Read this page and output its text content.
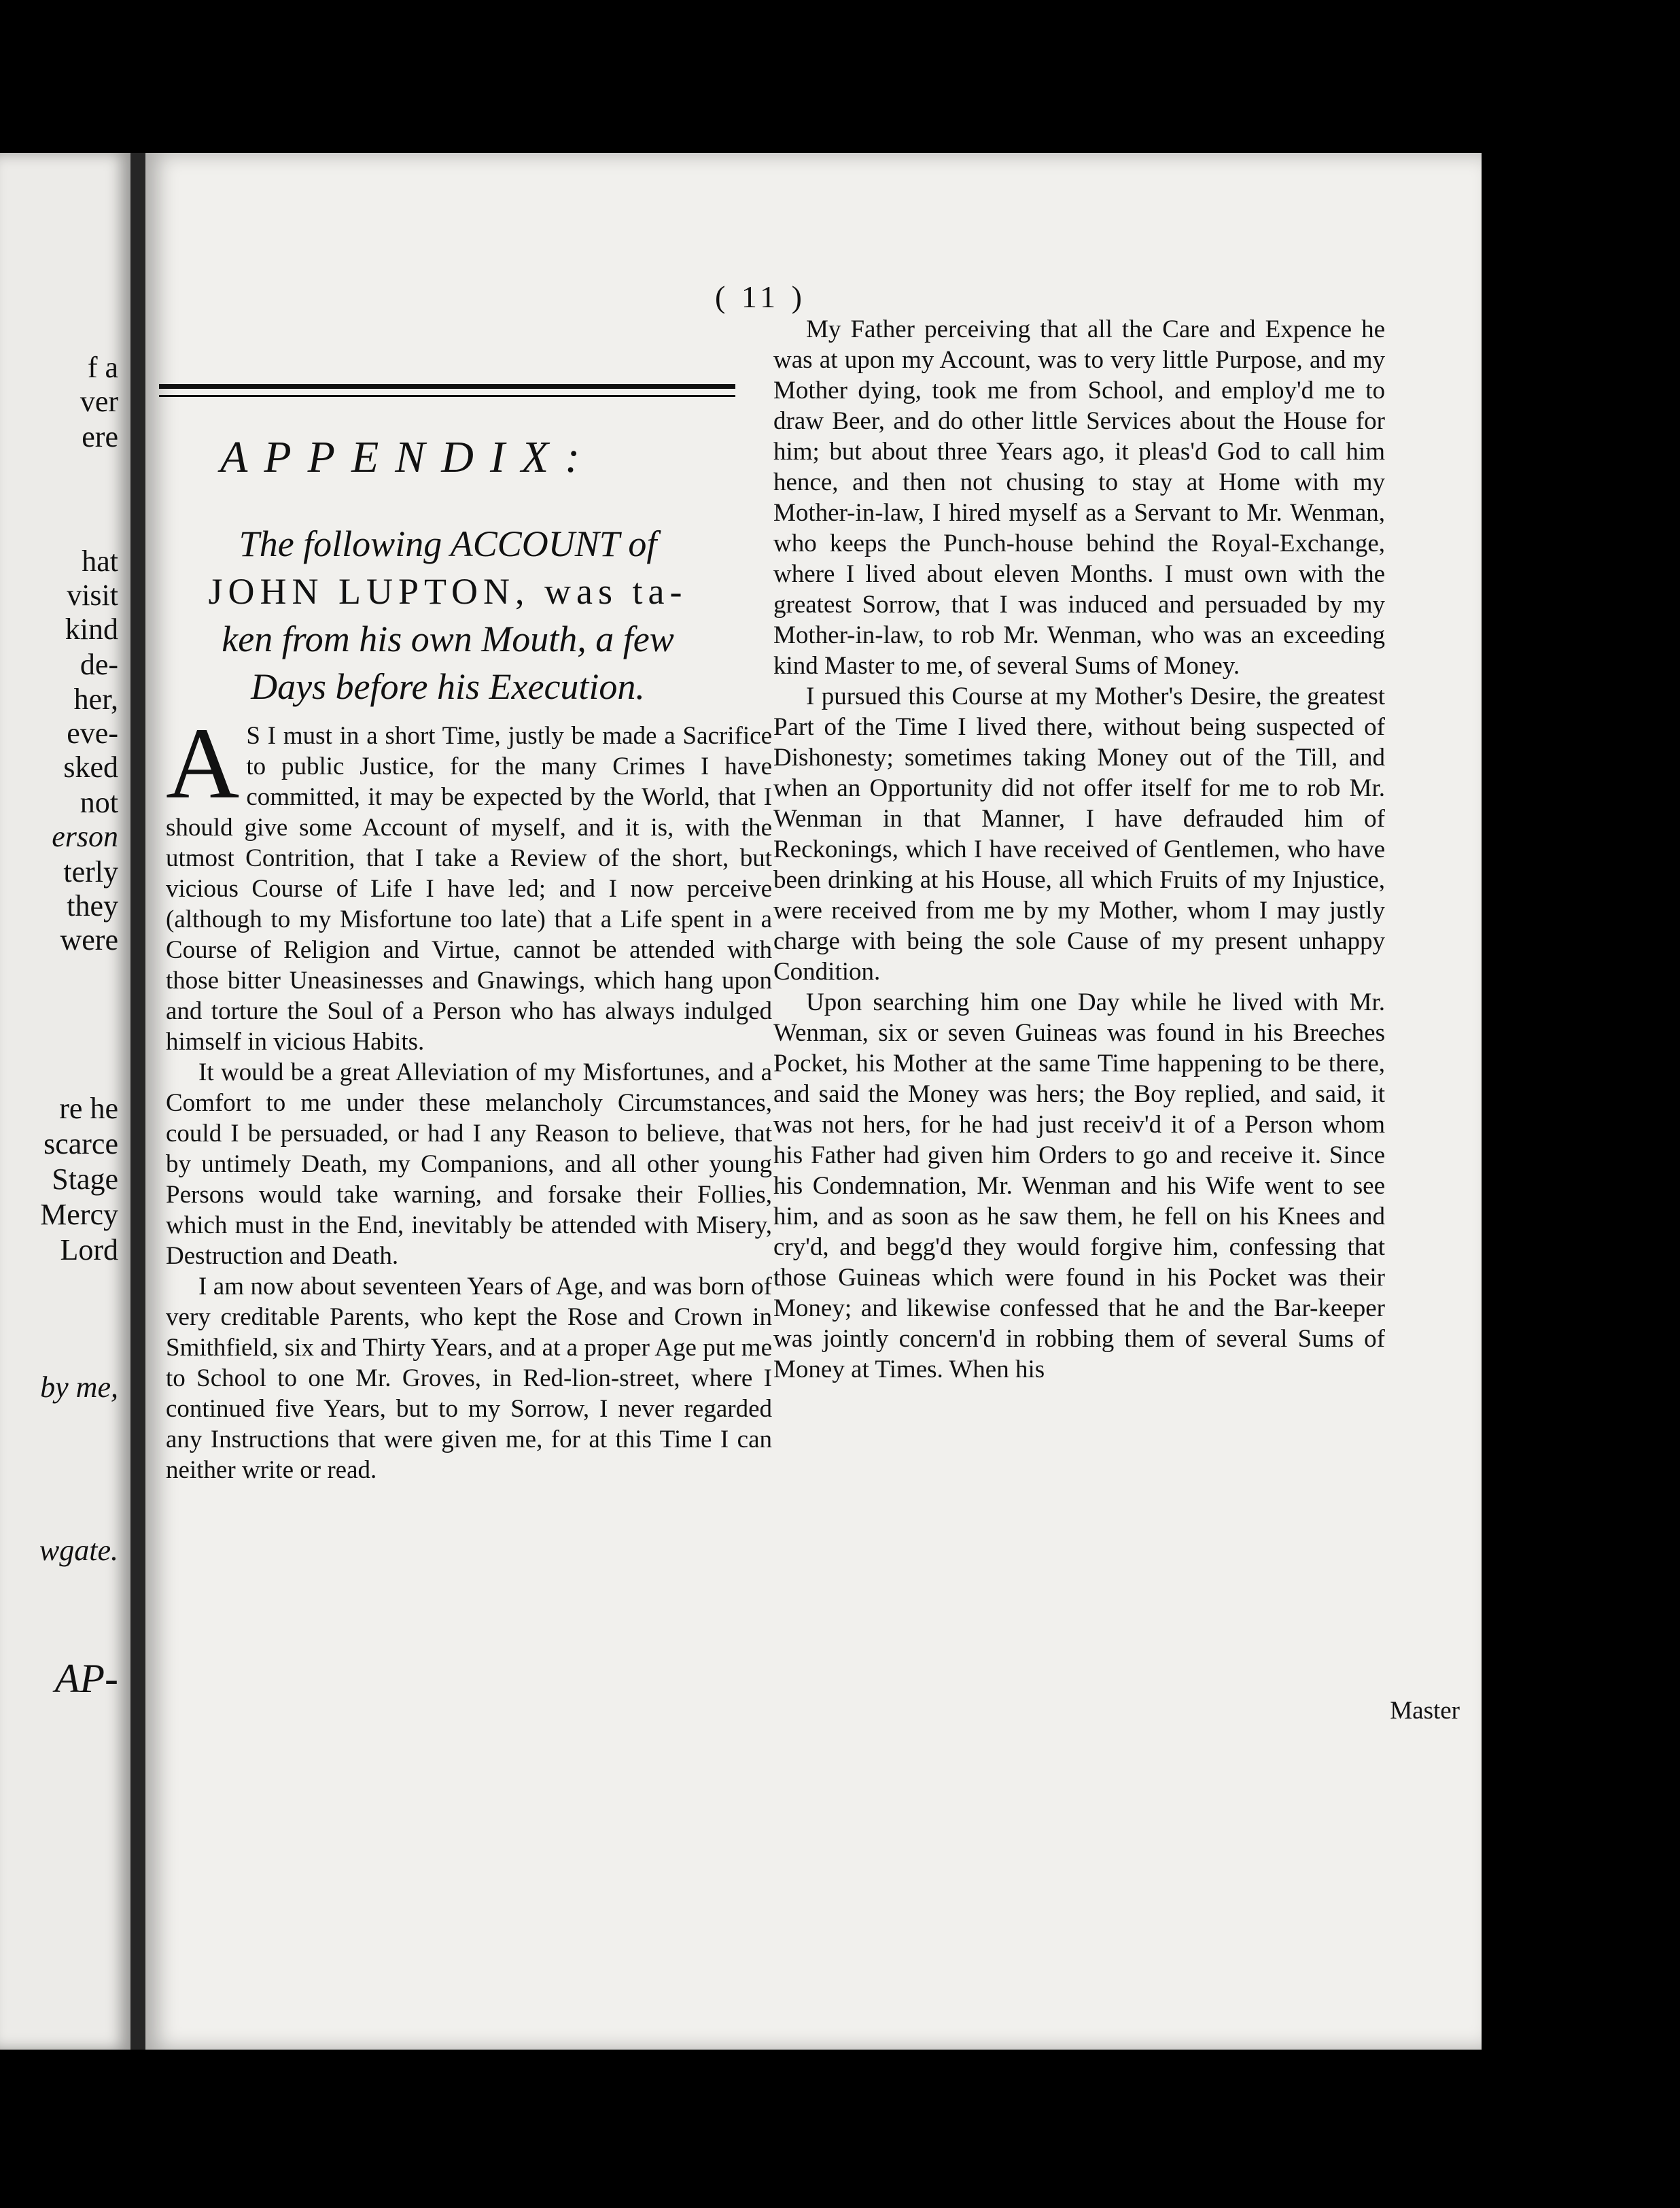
f a
ver
ere
hat
visit
kind
de-
her,
eve-
sked
not
erson
terly
they
were
re he
scarce
Stage
Mercy
Lord
by me,
wgate.
AP-
( 11 )
APPENDIX:
The following ACCOUNT of
JOHN LUPTON, was ta-
ken from his own Mouth, a few
Days before his Execution.

A S I must in a short Time, justly be made a Sacrifice to public Justice, for the many Crimes I have committed, it may be expected by the World, that I should give some Account of myself, and it is, with the utmost Contrition, that I take a Review of the short, but vicious Course of Life I have led; and I now perceive (although to my Misfortune too late) that a Life spent in a Course of Religion and Virtue, cannot be attended with those bitter Uneasinesses and Gnawings, which hang upon and torture the Soul of a Person who has always indulged himself in vicious Habits.

It would be a great Alleviation of my Misfortunes, and a Comfort to me under these melancholy Circumstances, could I be persuaded, or had I any Reason to believe, that by untimely Death, my Companions, and all other young Persons would take warning, and forsake their Follies, which must in the End, inevitably be attended with Misery, Destruction and Death.

I am now about seventeen Years of Age, and was born of very creditable Parents, who kept the Rose and Crown in Smithfield, six and Thirty Years, and at a proper Age put me to School to one Mr. Groves, in Red-lion-street, where I continued five Years, but to my Sorrow, I never regarded any Instructions that were given me, for at this Time I can neither write or read.

My Father perceiving that all the Care and Expence he was at upon my Account, was to very little Purpose, and my Mother dying, took me from School, and employ'd me to draw Beer, and do other little Services about the House for him; but about three Years ago, it pleas'd God to call him hence, and then not chusing to stay at Home with my Mother-in-law, I hired myself as a Servant to Mr. Wenman, who keeps the Punch-house behind the Royal-Exchange, where I lived about eleven Months. I must own with the greatest Sorrow, that I was induced and persuaded by my Mother-in-law, to rob Mr. Wenman, who was an exceeding kind Master to me, of several Sums of Money.

I pursued this Course at my Mother's Desire, the greatest Part of the Time I lived there, without being suspected of Dishonesty; sometimes taking Money out of the Till, and when an Opportunity did not offer itself for me to rob Mr. Wenman in that Manner, I have defrauded him of Reckonings, which I have received of Gentlemen, who have been drinking at his House, all which Fruits of my Injustice, were received from me by my Mother, whom I may justly charge with being the sole Cause of my present unhappy Condition.

Upon searching him one Day while he lived with Mr. Wenman, six or seven Guineas was found in his Breeches Pocket, his Mother at the same Time happening to be there, and said the Money was hers; the Boy replied, and said, it was not hers, for he had just receiv'd it of a Person whom his Father had given him Orders to go and receive it. Since his Condemnation, Mr. Wenman and his Wife went to see him, and as soon as he saw them, he fell on his Knees and cry'd, and begg'd they would forgive him, confessing that those Guineas which were found in his Pocket was their Money; and likewise confessed that he and the Bar-keeper was jointly concern'd in robbing them of several Sums of Money at Times. When his

Master
